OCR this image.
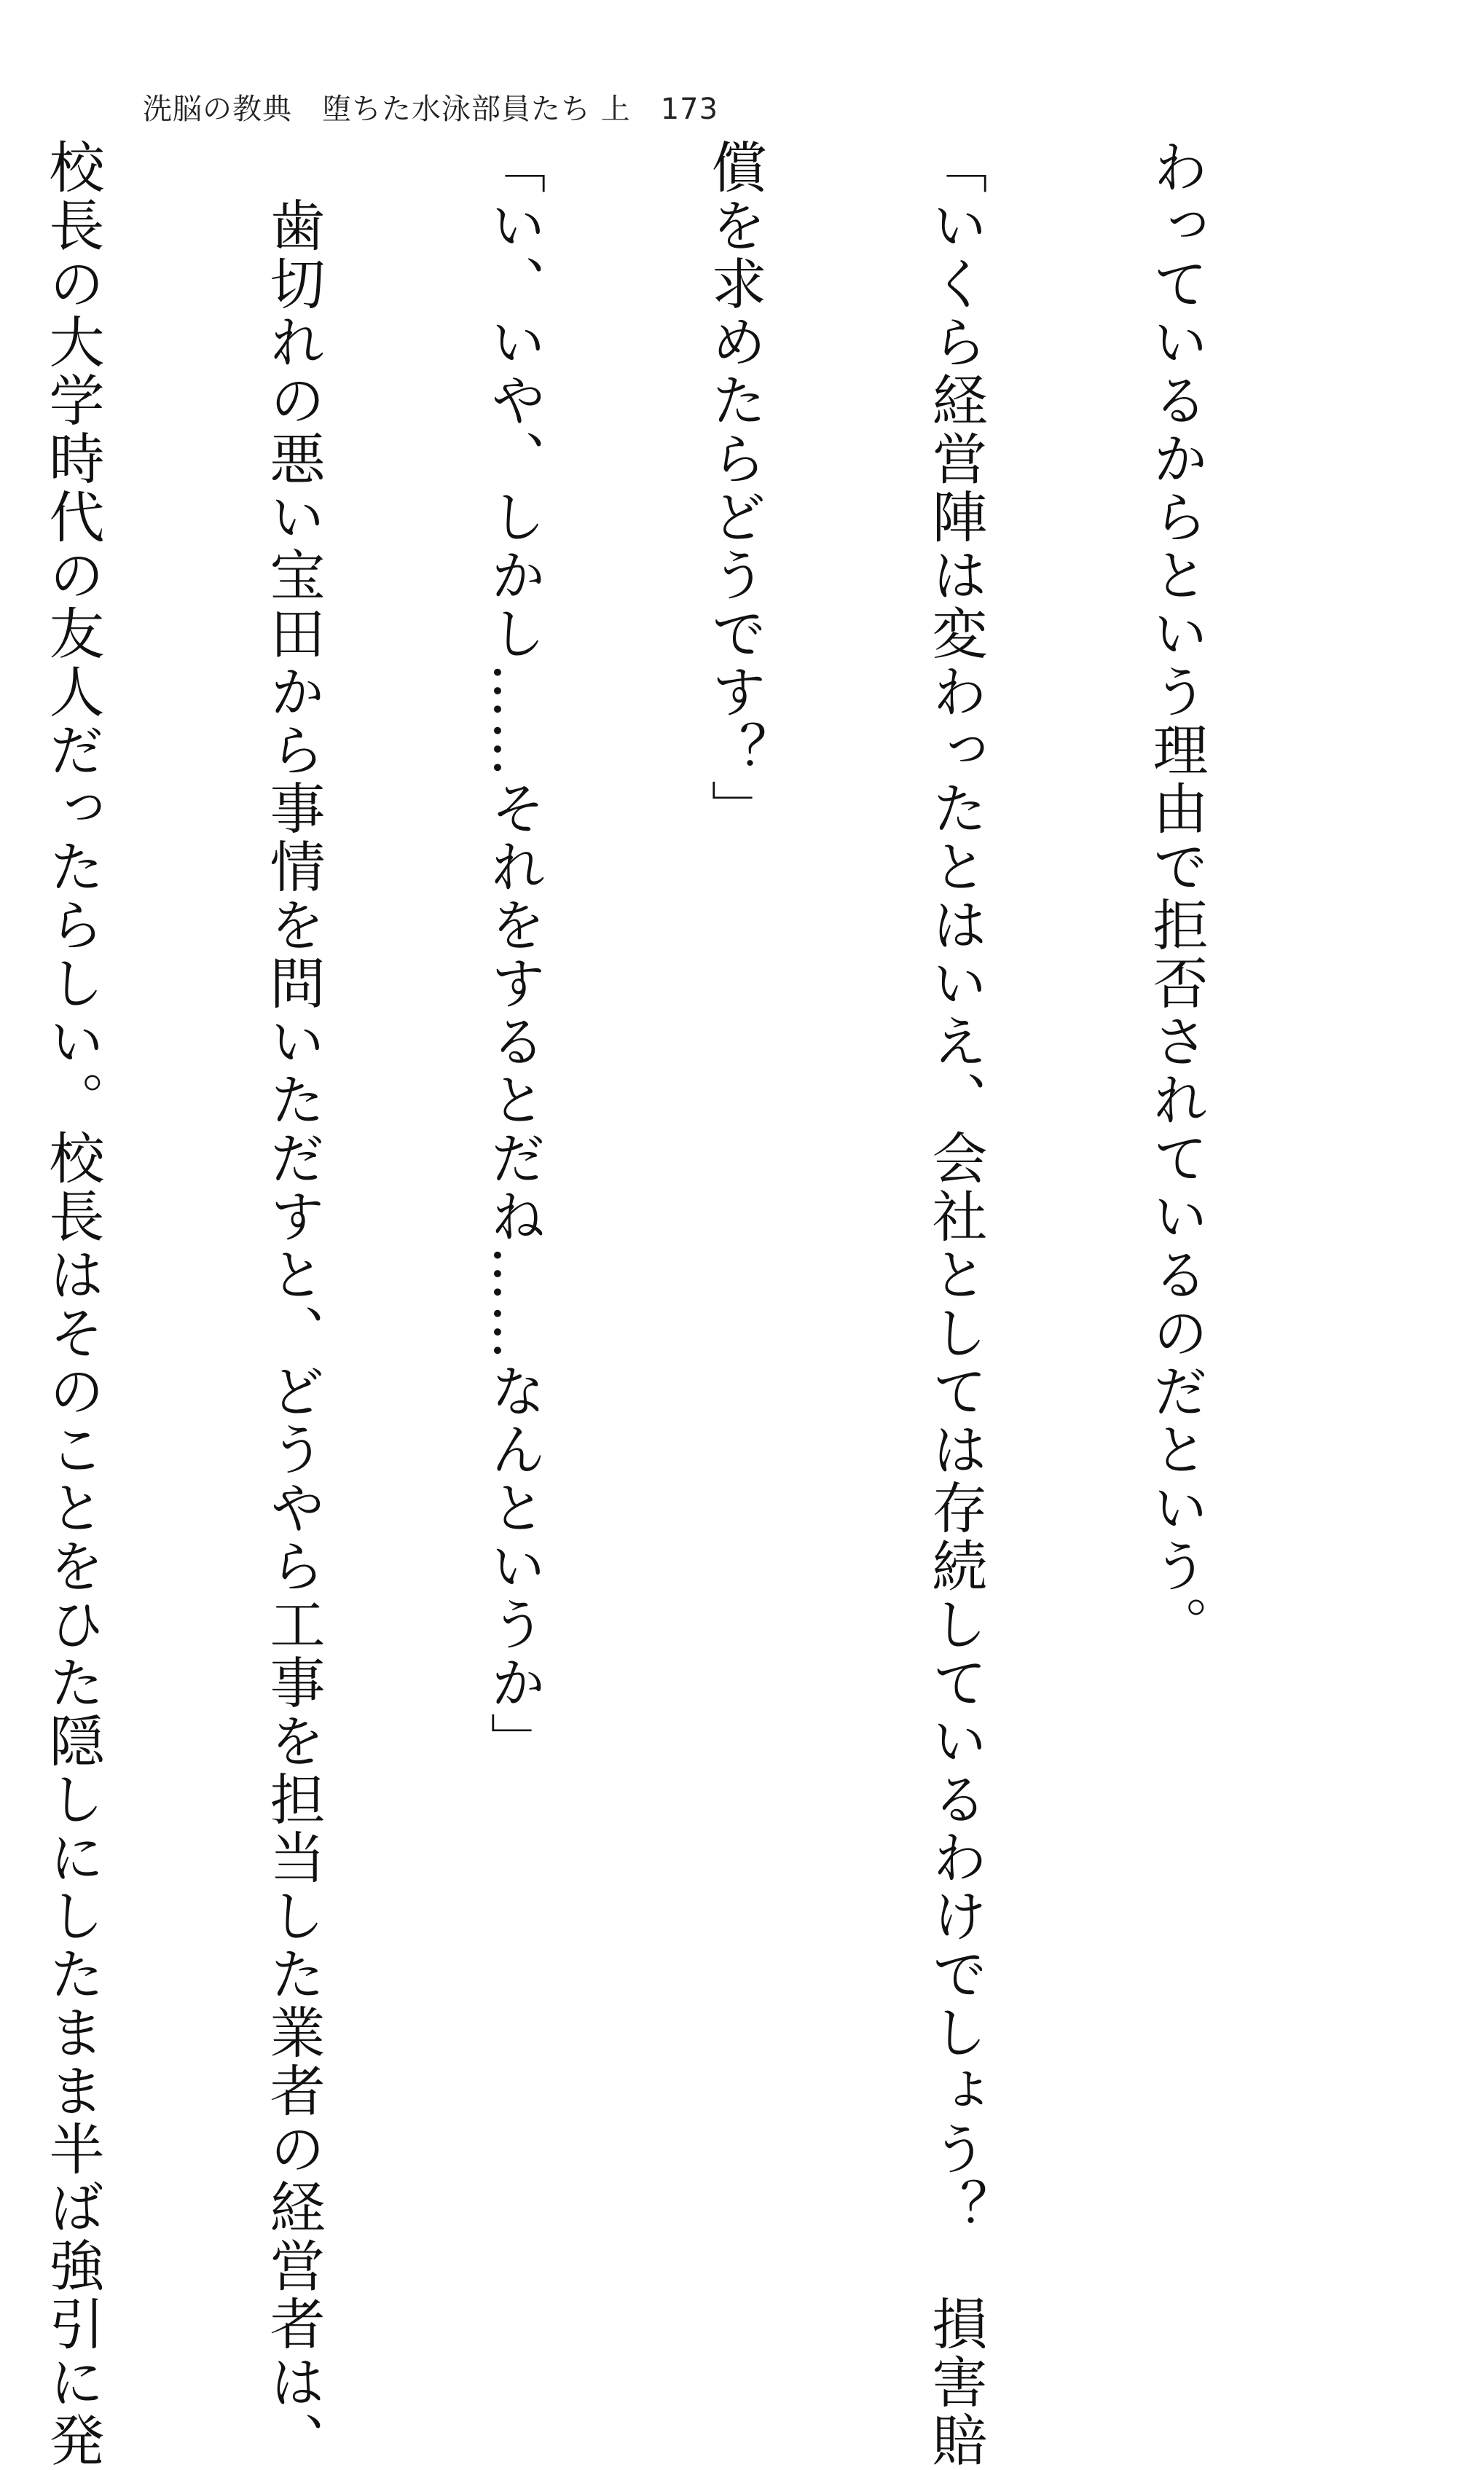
洗脳の教典　堕ちた水泳部員たち 上　173

わっているからという理由で拒否されているのだという。

「いくら経営陣は変わったとはいえ、会社としては存続しているわけでしょう？　損害賠

償を求めたらどうです？」

「い、いや、しかし……それをするとだね……なんというか」

　歯切れの悪い宝田から事情を問いただすと、どうやら工事を担当した業者の経営者は、

校長の大学時代の友人だったらしい。校長はそのことをひた隠しにしたまま半ば強引に発
